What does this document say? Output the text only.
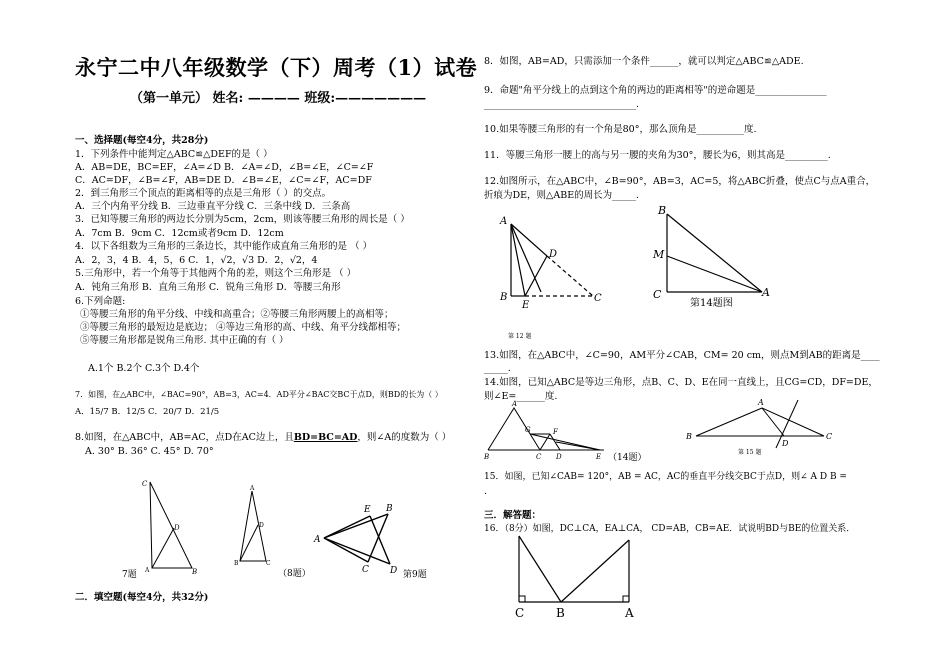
永宁二中八年级数学（下）周考（1）试卷
（第一单元） 姓名: ———— 班级:———————
一、选择题(每空4分，共28分)
1．下列条件中能判定△ABC≌△DEF的是（ ）
A．AB=DE，BC=EF，∠A=∠D B．∠A=∠D，∠B=∠E，∠C=∠F
C．AC=DF，∠B=∠F，AB=DE D．∠B=∠E，∠C=∠F，AC=DF
2．到三角形三个顶点的距离相等的点是三角形（ ）的交点。
A．三个内角平分线 B．三边垂直平分线 C．三条中线 D．三条高
3．已知等腰三角形的两边长分别为5cm，2cm，则该等腰三角形的周长是（ ）
A．7cm B．9cm C．12cm或者9cm D．12cm
4．以下各组数为三角形的三条边长，其中能作成直角三角形的是 （ ）
A．2，3，4 B．4，5，6 C．1，√2，√3 D．2，√2，4
5.三角形中，若一个角等于其他两个角的差，则这个三角形是 （ ）
A．钝角三角形 B．直角三角形 C．锐角三角形 D．等腰三角形
6.下列命题:
①等腰三角形的角平分线、中线和高重合；②等腰三角形两腰上的高相等；
③等腰三角形的最短边是底边； ④等边三角形的高、中线、角平分线都相等；
⑤等腰三角形都是锐角三角形. 其中正确的有（ ）
A.1个 B.2个 C.3个 D.4个
7．如图，在△ABC中，∠BAC=90°，AB=3，AC=4．AD平分∠BAC交BC于点D，则BD的长为（ ）
A．15/7 B．12/5 C．20/7 D．21/5
8.如图，在△ABC中，AB=AC，点D在AC边上，且BD=BC=AD，则∠A的度数为（ ）
A. 30° B. 36° C. 45° D. 70°
C
D
A	B
7题
A
D
B	C
（8题）
A
E B
C D 第9题
二．填空题(每空4分，共32分)
8．如图，AB=AD，只需添加一个条件______，就可以判定△ABC≌△ADE.
9．命题"角平分线上的点到这个角的两边的距离相等"的逆命题是_______________
________________________________.
10.如果等腰三角形的有一个角是80°，那么顶角是__________度.
11．等腰三角形一腰上的高与另一腰的夹角为30°，腰长为6，则其高是_________.
12.如图所示，在△ABC中，∠B=90°，AB=3，AC=5，将△ABC折叠，使点C与点A重合，
折痕为DE，则△ABE的周长为_____.
A
D
B
E
C
第 12 题
B
M
C	A
第14题图
13.如图，在△ABC中，∠C=90，AM平分∠CAB，CM= 20 cm，则点M到AB的距离是____
_____.
14.如图，已知△ABC是等边三角形，点B、C、D、E在同一直线上，且CG=CD，DF=DE，
则∠E=______度.
A
G	F
B	C D	E （14题）
A
B
D
C
第 15 题
15．如图，已知∠CAB= 120°，AB = AC，AC的垂直平分线交BC于点D，则∠ A D B =
.
三．解答题：
16．（8分）如图，DC⊥CA，EA⊥CA， CD=AB，CB=AE．试说明BD与BE的位置关系．
C	B	A
